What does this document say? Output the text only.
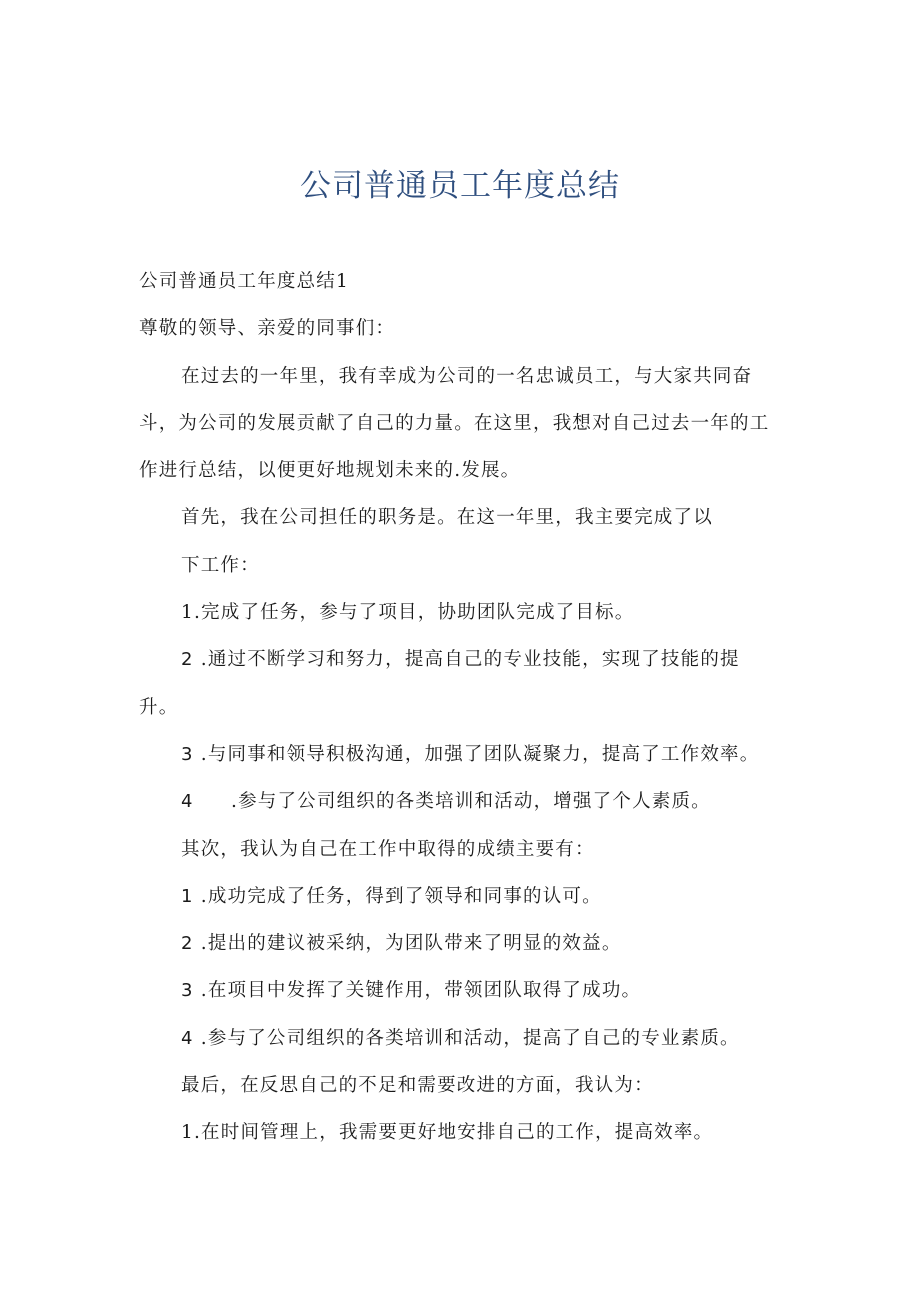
公司普通员工年度总结
公司普通员工年度总结1
尊敬的领导、亲爱的同事们：
在过去的一年里，我有幸成为公司的一名忠诚员工，与大家共同奋
斗，为公司的发展贡献了自己的力量。在这里，我想对自己过去一年的工
作进行总结，以便更好地规划未来的.发展。
首先，我在公司担任的职务是。在这一年里，我主要完成了以
下工作：
1.完成了任务，参与了项目，协助团队完成了目标。
2 .通过不断学习和努力，提高自己的专业技能，实现了技能的提
升。
3 .与同事和领导积极沟通，加强了团队凝聚力，提高了工作效率。
4 .参与了公司组织的各类培训和活动，增强了个人素质。
其次，我认为自己在工作中取得的成绩主要有：
1 .成功完成了任务，得到了领导和同事的认可。
2 .提出的建议被采纳，为团队带来了明显的效益。
3 .在项目中发挥了关键作用，带领团队取得了成功。
4 .参与了公司组织的各类培训和活动，提高了自己的专业素质。
最后，在反思自己的不足和需要改进的方面，我认为：
1.在时间管理上，我需要更好地安排自己的工作，提高效率。
